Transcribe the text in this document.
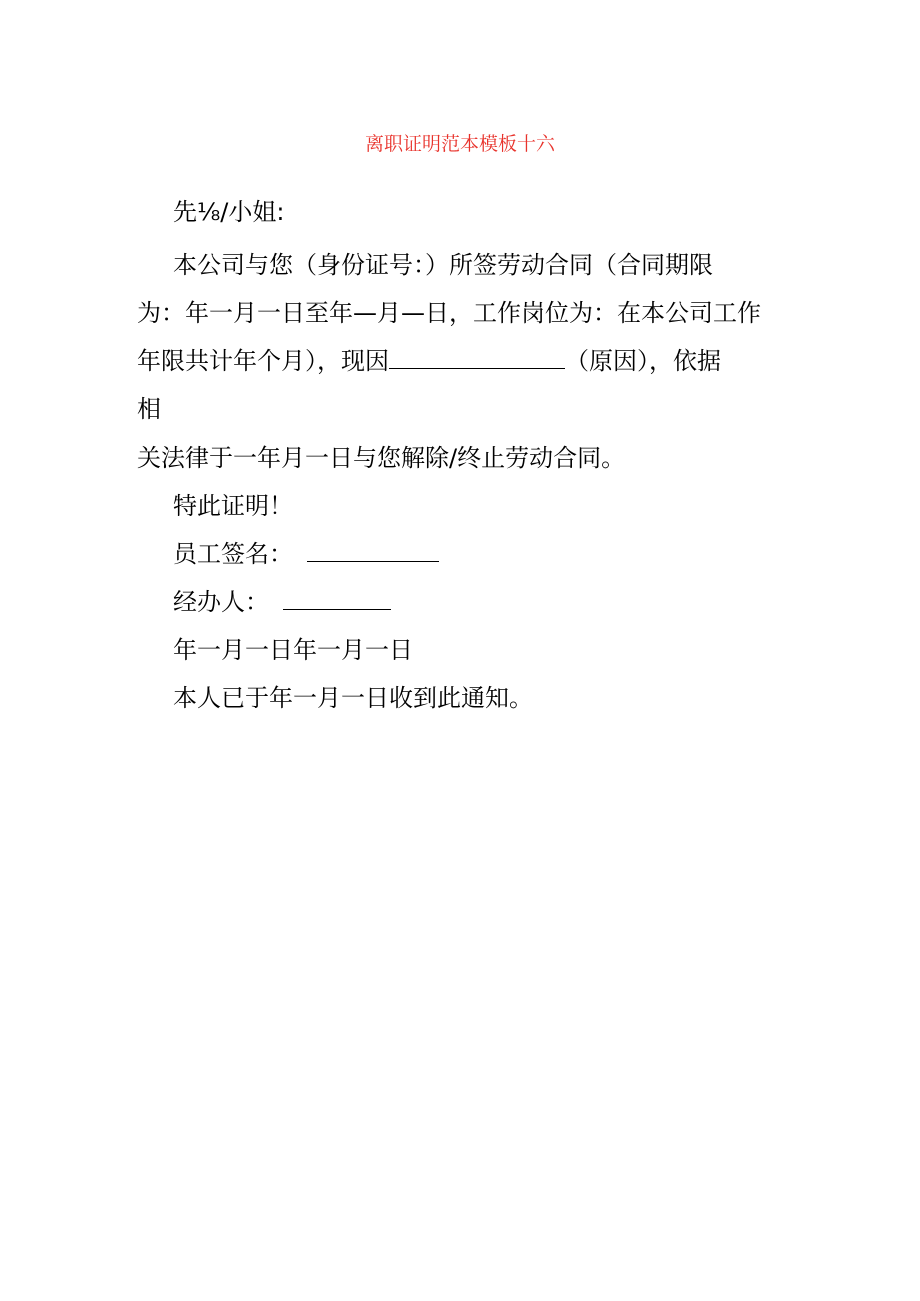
离职证明范本模板十六
先⅛/小姐:
本公司与您（身份证号：）所签劳动合同（合同期限
为：年一月一日至年—月—日，工作岗位为：在本公司工作
年限共计年个月），现因	（原因），依据
相
关法律于一年月一日与您解除/终止劳动合同。
特此证明！
员工签名：
经办人：
年一月一日年一月一日
本人已于年一月一日收到此通知。
